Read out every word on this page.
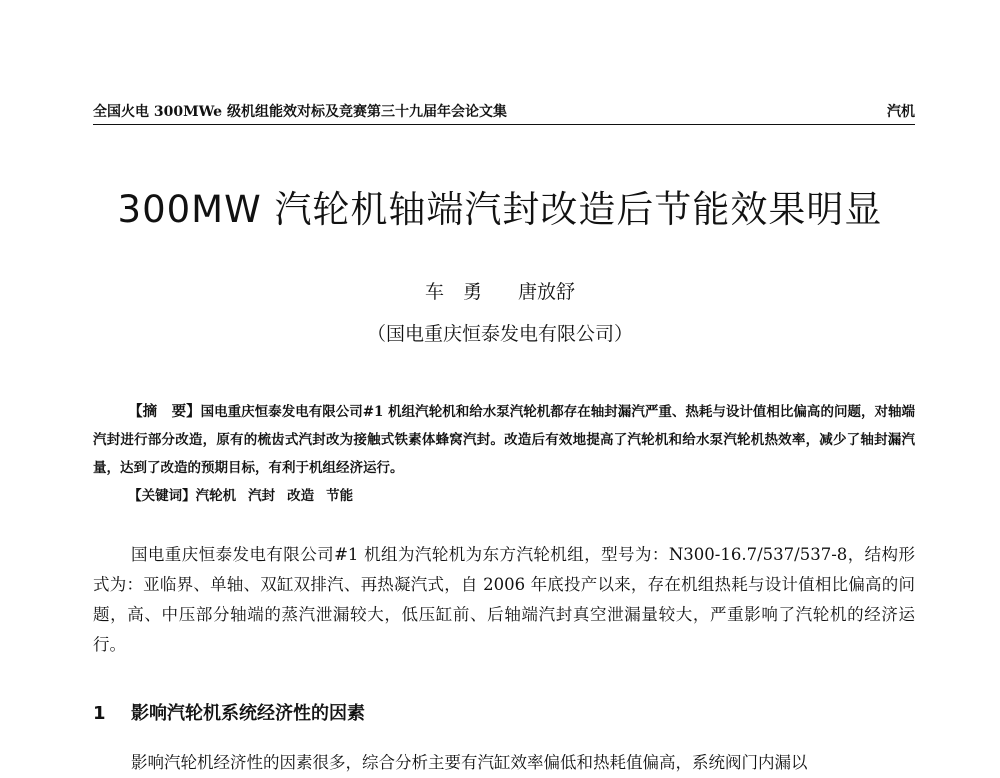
全国火电 300MWe 级机组能效对标及竞赛第三十九届年会论文集	汽机
300MW 汽轮机轴端汽封改造后节能效果明显
车　勇 唐放舒
（国电重庆恒泰发电有限公司）
【摘　要】国电重庆恒泰发电有限公司#1 机组汽轮机和给水泵汽轮机都存在轴封漏汽严重、热耗与设计值相比偏高的问题，对轴端汽封进行部分改造，原有的梳齿式汽封改为接触式铁素体蜂窝汽封。改造后有效地提高了汽轮机和给水泵汽轮机热效率，减少了轴封漏汽量，达到了改造的预期目标，有利于机组经济运行。
【关键词】汽轮机 汽封 改造 节能
国电重庆恒泰发电有限公司#1 机组为汽轮机为东方汽轮机组，型号为：N300-16.7/537/537-8，结构形式为：亚临界、单轴、双缸双排汽、再热凝汽式，自 2006 年底投产以来，存在机组热耗与设计值相比偏高的问题，高、中压部分轴端的蒸汽泄漏较大，低压缸前、后轴端汽封真空泄漏量较大，严重影响了汽轮机的经济运行。
1 影响汽轮机系统经济性的因素
影响汽轮机经济性的因素很多，综合分析主要有汽缸效率偏低和热耗值偏高，系统阀门内漏以
